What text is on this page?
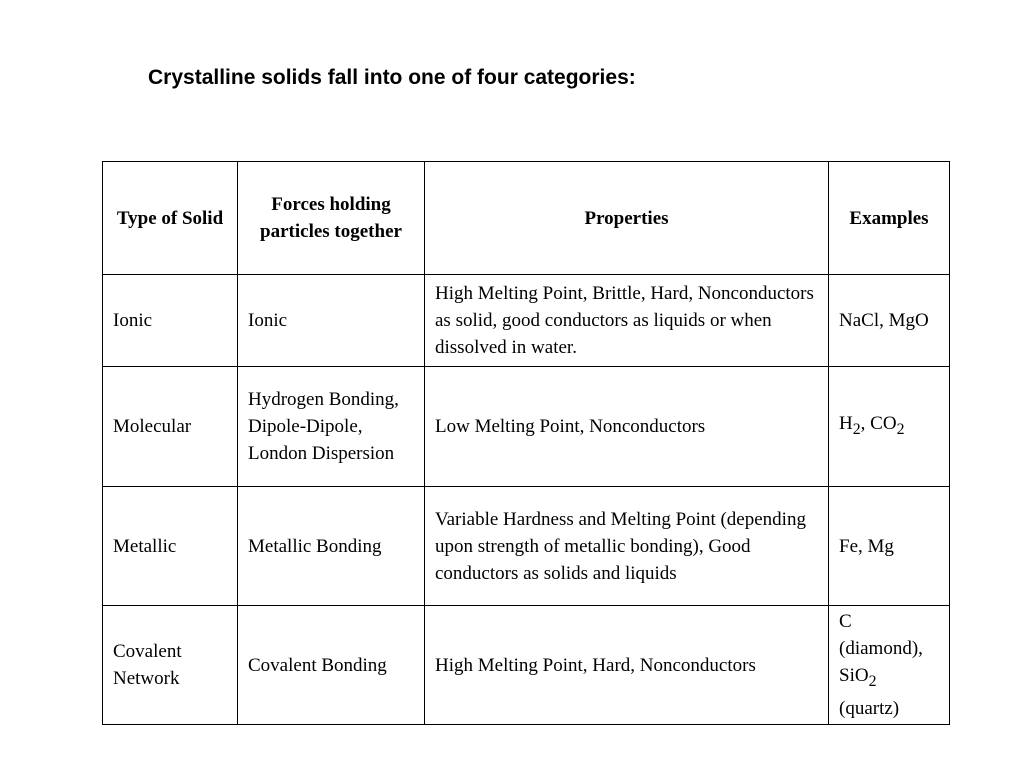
Crystalline solids fall into one of four categories:
Type of Solid	Forces holding particles together	Properties	Examples
Ionic	Ionic	High Melting Point, Brittle, Hard, Nonconductors as solid, good conductors as liquids or when dissolved in water.	NaCl, MgO
Molecular	Hydrogen Bonding, Dipole-Dipole, London Dispersion	Low Melting Point, Nonconductors	$H_2$, $CO_2$
Metallic	Metallic Bonding	Variable Hardness and Melting Point (depending upon strength of metallic bonding), Good conductors as solids and liquids	Fe, Mg
Covalent Network	Covalent Bonding	High Melting Point, Hard, Nonconductors	C (diamond), SiO$_2$ (quartz)
